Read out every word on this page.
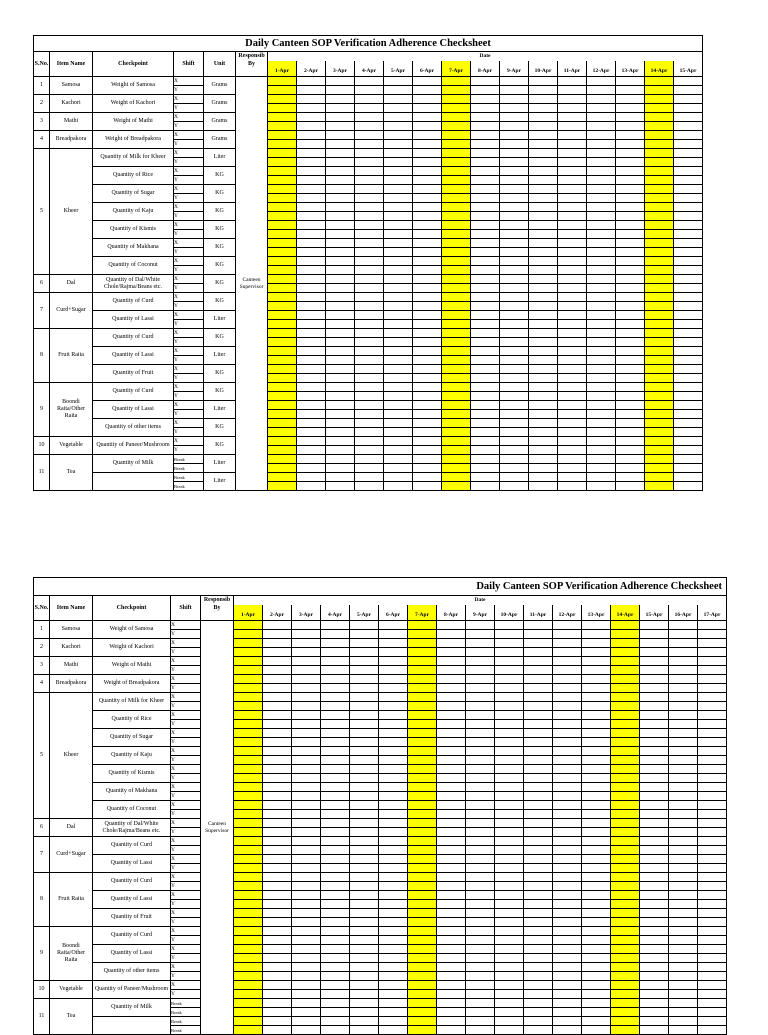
Daily Canteen SOP Verification Adherence Checksheet																				
S.No.	Item Name	Checkpoint	Shift	Unit	Responsib
By	Date														
						1-Apr	2-Apr	3-Apr	4-Apr	5-Apr	6-Apr	7-Apr	8-Apr	9-Apr	10-Apr	11-Apr	12-Apr	13-Apr	14-Apr	15-Apr
1	Samosa	Weight of Samosa	X	Grams	Canteen Supervisor															
			Y																	
2	Kachori	Weight of Kachori	X	Grams																
			Y																	
3	Mathi	Weight of Mathi	X	Grams																
			Y																	
4	Breadpakora	Weight of Breadpakora	X	Grams																
			Y																	
5	Kheer	Quantity of Milk for Kheer	X	Liter																
			Y																	
		Quantity of Rice	X	KG																
			Y																	
		Quantity of Sugar	X	KG																
			Y																	
		Quantity of Kaju	X	KG																
			Y																	
		Quantity of Kismis	X	KG																
			Y																	
		Quantity of Makhana	X	KG																
			Y																	
		Quantity of Coconut	X	KG																
			Y																	
6	Dal	Quantity of Dal/White Chole/Rajma/Beans etc.	X	KG																
			Y																	
7	Curd+Sugar	Quantity of Curd	X	KG																
			Y																	
		Quantity of Lassi	X	Liter																
			Y																	
8	Fruit Raita	Quantity of Curd	X	KG																
			Y																	
		Quantity of Lassi	X	Liter																
			Y																	
		Quantity of Fruit	X	KG																
			Y																	
9	Boondi Raita/Other Raita	Quantity of Curd	X	KG																
			Y																	
		Quantity of Lassi	X	Liter																
			Y																	
		Quantity of other items	X	KG																
			Y																	
10	Vegetable	Quantity of Paneer/Mushroom	X	KG																
			Y																	
11	Tea	Quantity of Milk	Break	Liter																
			Break																	
			Break	Liter																
			Break																	
Daily Canteen SOP Verification Adherence Checksheet																					
S.No.	Item Name	Checkpoint	Shift	Responsib
By	Date																
					1-Apr	2-Apr	3-Apr	4-Apr	5-Apr	6-Apr	7-Apr	8-Apr	9-Apr	10-Apr	11-Apr	12-Apr	13-Apr	14-Apr	15-Apr	16-Apr	17-Apr
1	Samosa	Weight of Samosa	X	Canteen Supervisor																	
			Y																		
2	Kachori	Weight of Kachori	X																		
			Y																		
3	Mathi	Weight of Mathi	X																		
			Y																		
4	Breadpakora	Weight of Breadpakora	X																		
			Y																		
5	Kheer	Quantity of Milk for Kheer	X																		
			Y																		
		Quantity of Rice	X																		
			Y																		
		Quantity of Sugar	X																		
			Y																		
		Quantity of Kaju	X																		
			Y																		
		Quantity of Kismis	X																		
			Y																		
		Quantity of Makhana	X																		
			Y																		
		Quantity of Coconut	X																		
			Y																		
6	Dal	Quantity of Dal/White Chole/Rajma/Beans etc.	X																		
			Y																		
7	Curd+Sugar	Quantity of Curd	X																		
			Y																		
		Quantity of Lassi	X																		
			Y																		
8	Fruit Raita	Quantity of Curd	X																		
			Y																		
		Quantity of Lassi	X																		
			Y																		
		Quantity of Fruit	X																		
			Y																		
9	Boondi Raita/Other Raita	Quantity of Curd	X																		
			Y																		
		Quantity of Lassi	X																		
			Y																		
		Quantity of other items	X																		
			Y																		
10	Vegetable	Quantity of Paneer/Mushroom	X																		
			Y																		
11	Tea	Quantity of Milk	Break																		
			Break																		
			Break																		
			Break																		
